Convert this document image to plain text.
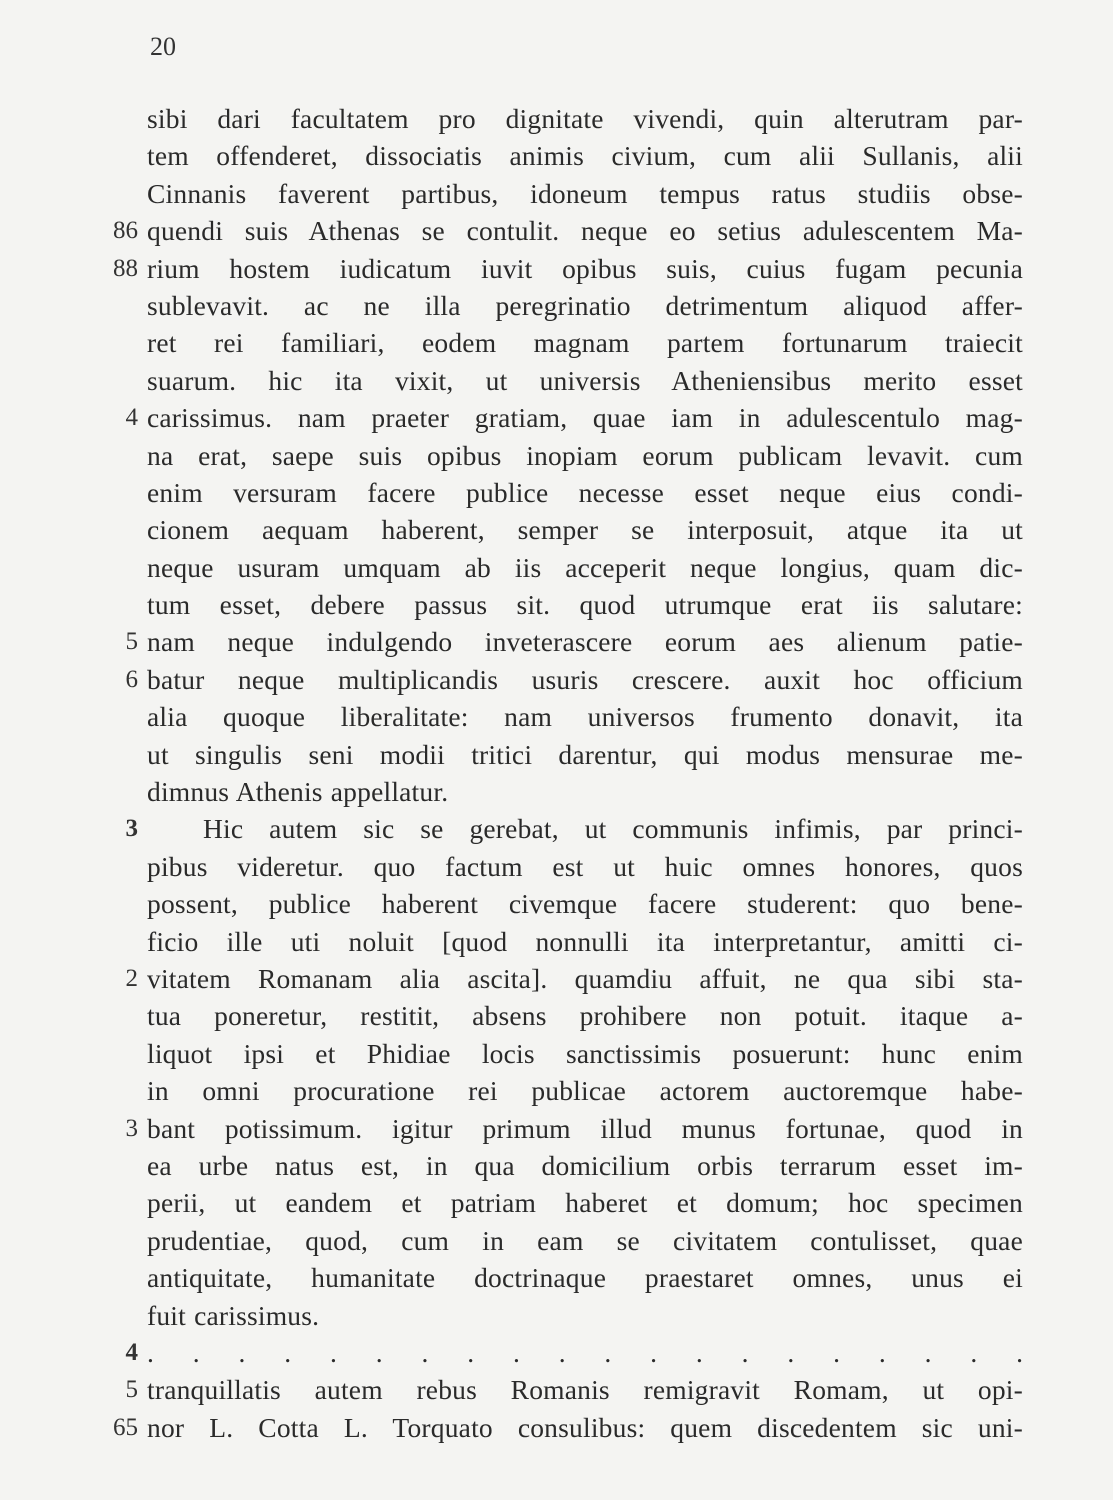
20
sibi dari facultatem pro dignitate vivendi, quin alterutram par-
tem offenderet, dissociatis animis civium, cum alii Sullanis, alii
Cinnanis faverent partibus, idoneum tempus ratus studiis obse-
86 quendi suis Athenas se contulit. neque eo setius adulescentem Ma-
88 rium hostem iudicatum iuvit opibus suis, cuius fugam pecunia
sublevavit. ac ne illa peregrinatio detrimentum aliquod affer-
ret rei familiari, eodem magnam partem fortunarum traiecit
suarum. hic ita vixit, ut universis Atheniensibus merito esset
4 carissimus. nam praeter gratiam, quae iam in adulescentulo mag-
na erat, saepe suis opibus inopiam eorum publicam levavit. cum
enim versuram facere publice necesse esset neque eius condi-
cionem aequam haberent, semper se interposuit, atque ita ut
neque usuram umquam ab iis acceperit neque longius, quam dic-
tum esset, debere passus sit. quod utrumque erat iis salutare:
5 nam neque indulgendo inveterascere eorum aes alienum patie-
6 batur neque multiplicandis usuris crescere. auxit hoc officium
alia quoque liberalitate: nam universos frumento donavit, ita
ut singulis seni modii tritici darentur, qui modus mensurae me-
dimnus Athenis appellatur.
3	Hic autem sic se gerebat, ut communis infimis, par princi-
pibus videretur. quo factum est ut huic omnes honores, quos
possent, publice haberent civemque facere studerent: quo bene-
ficio ille uti noluit [quod nonnulli ita interpretantur, amitti ci-
2 vitatem Romanam alia ascita]. quamdiu affuit, ne qua sibi sta-
tua poneretur, restitit, absens prohibere non potuit. itaque a-
liquot ipsi et Phidiae locis sanctissimis posuerunt: hunc enim
in omni procuratione rei publicae actorem auctoremque habe-
3 bant potissimum. igitur primum illud munus fortunae, quod in
ea urbe natus est, in qua domicilium orbis terrarum esset im-
perii, ut eandem et patriam haberet et domum; hoc specimen
prudentiae, quod, cum in eam se civitatem contulisset, quae
antiquitate, humanitate doctrinaque praestaret omnes, unus ei
fuit carissimus.
4 . . . . . . . . . . . . . . . . . . . .
5 tranquillatis autem rebus Romanis remigravit Romam, ut opi-
65 nor L. Cotta L. Torquato consulibus: quem discedentem sic uni-
